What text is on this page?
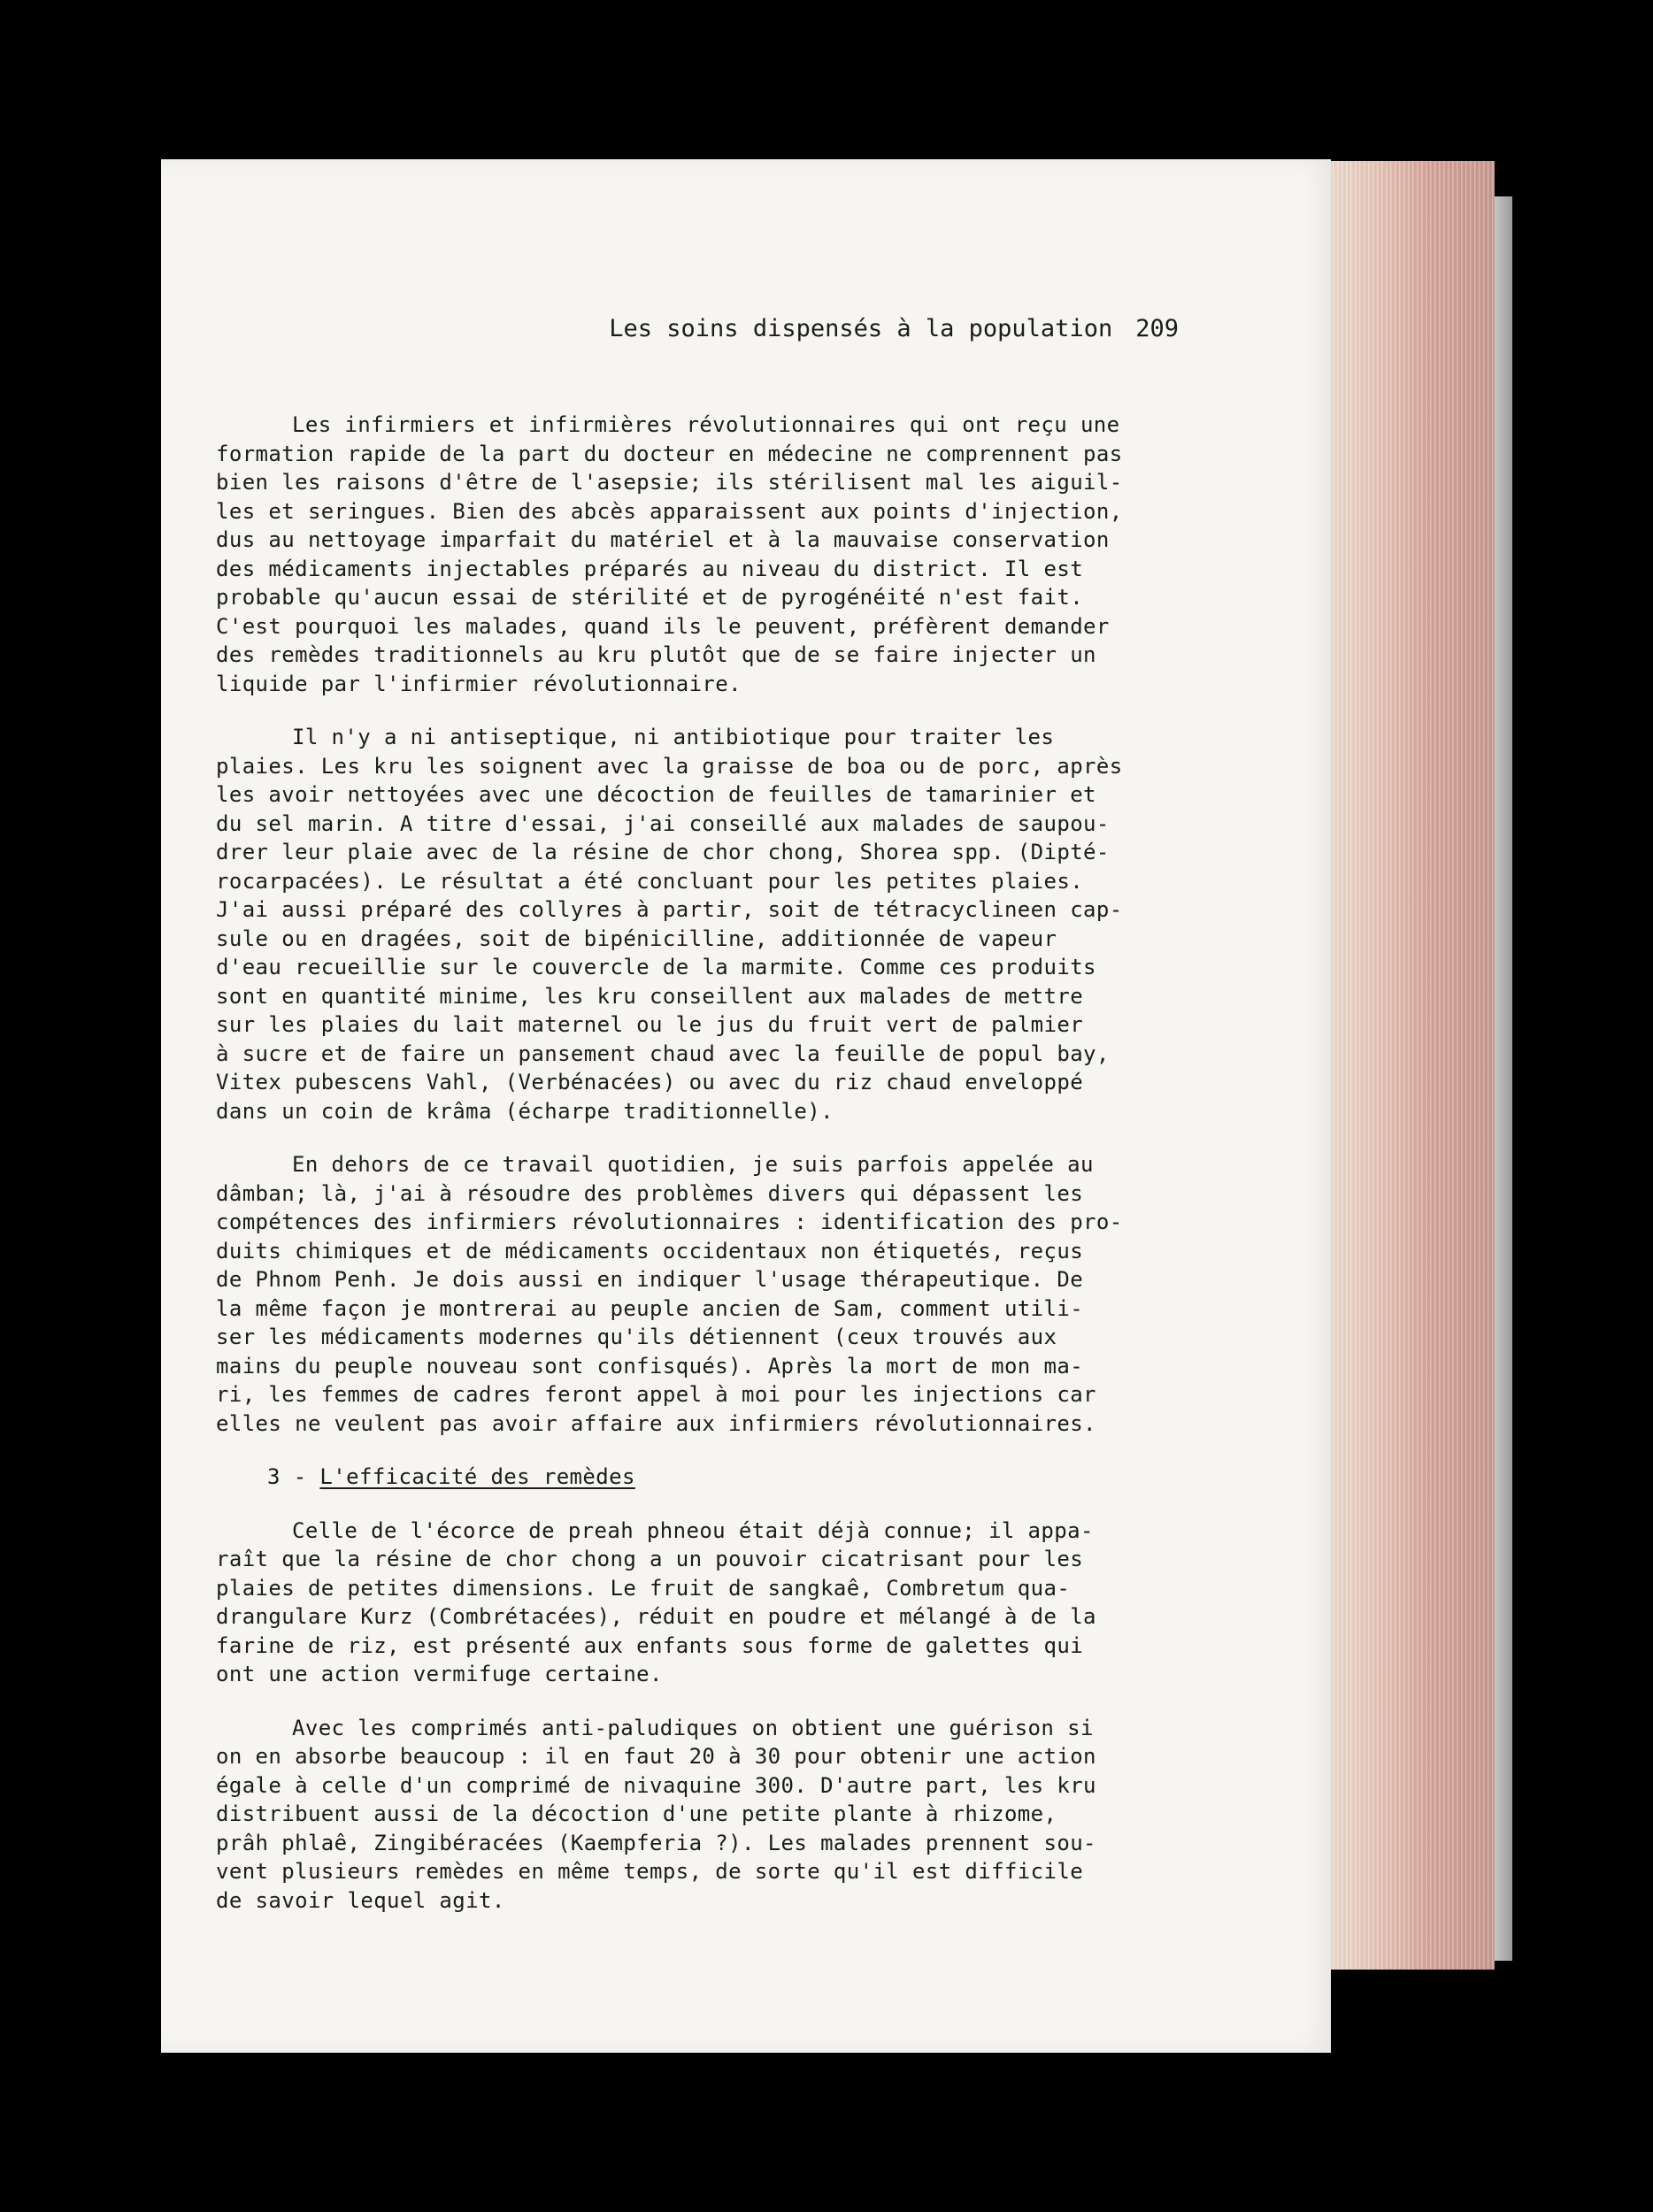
Les soins dispensés à la population 209
Les infirmiers et infirmières révolutionnaires qui ont reçu une
formation rapide de la part du docteur en médecine ne comprennent pas
bien les raisons d'être de l'asepsie; ils stérilisent mal les aiguil-
les et seringues. Bien des abcès apparaissent aux points d'injection,
dus au nettoyage imparfait du matériel et à la mauvaise conservation
des médicaments injectables préparés au niveau du district. Il est
probable qu'aucun essai de stérilité et de pyrogénéité n'est fait.
C'est pourquoi les malades, quand ils le peuvent, préfèrent demander
des remèdes traditionnels au kru plutôt que de se faire injecter un
liquide par l'infirmier révolutionnaire.
Il n'y a ni antiseptique, ni antibiotique pour traiter les
plaies. Les kru les soignent avec la graisse de boa ou de porc, après
les avoir nettoyées avec une décoction de feuilles de tamarinier et
du sel marin. A titre d'essai, j'ai conseillé aux malades de saupou-
drer leur plaie avec de la résine de chor chong, Shorea spp. (Dipté-
rocarpacées). Le résultat a été concluant pour les petites plaies.
J'ai aussi préparé des collyres à partir, soit de tétracyclineen cap-
sule ou en dragées, soit de bipénicilline, additionnée de vapeur
d'eau recueillie sur le couvercle de la marmite. Comme ces produits
sont en quantité minime, les kru conseillent aux malades de mettre
sur les plaies du lait maternel ou le jus du fruit vert de palmier
à sucre et de faire un pansement chaud avec la feuille de popul bay,
Vitex pubescens Vahl, (Verbénacées) ou avec du riz chaud enveloppé
dans un coin de krâma (écharpe traditionnelle).
En dehors de ce travail quotidien, je suis parfois appelée au
dâmban; là, j'ai à résoudre des problèmes divers qui dépassent les
compétences des infirmiers révolutionnaires : identification des pro-
duits chimiques et de médicaments occidentaux non étiquetés, reçus
de Phnom Penh. Je dois aussi en indiquer l'usage thérapeutique. De
la même façon je montrerai au peuple ancien de Sam, comment utili-
ser les médicaments modernes qu'ils détiennent (ceux trouvés aux
mains du peuple nouveau sont confisqués). Après la mort de mon ma-
ri, les femmes de cadres feront appel à moi pour les injections car
elles ne veulent pas avoir affaire aux infirmiers révolutionnaires.
3 - L'efficacité des remèdes
Celle de l'écorce de preah phneou était déjà connue; il appa-
raît que la résine de chor chong a un pouvoir cicatrisant pour les
plaies de petites dimensions. Le fruit de sangkaê, Combretum qua-
drangulare Kurz (Combrétacées), réduit en poudre et mélangé à de la
farine de riz, est présenté aux enfants sous forme de galettes qui
ont une action vermifuge certaine.
Avec les comprimés anti-paludiques on obtient une guérison si
on en absorbe beaucoup : il en faut 20 à 30 pour obtenir une action
égale à celle d'un comprimé de nivaquine 300. D'autre part, les kru
distribuent aussi de la décoction d'une petite plante à rhizome,
prâh phlaê, Zingibéracées (Kaempferia ?). Les malades prennent sou-
vent plusieurs remèdes en même temps, de sorte qu'il est difficile
de savoir lequel agit.
